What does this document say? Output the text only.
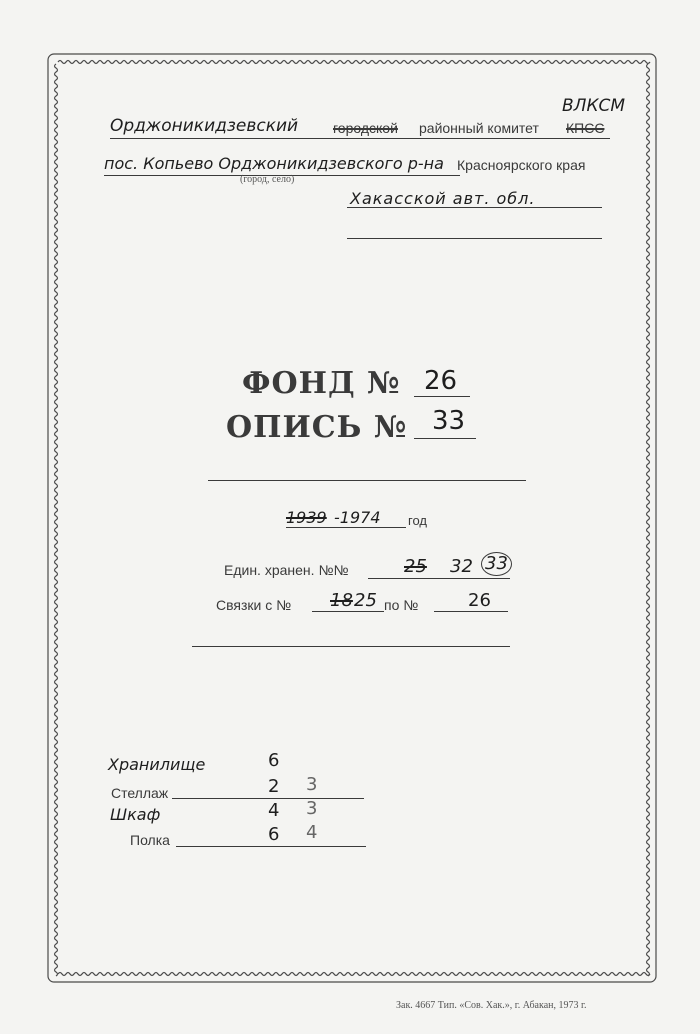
Орджоникидзевский городской районный комитет КПСС
ВЛКСМ
пос. Копьево Орджоникидзевского р-на Красноярского края
(город, село)
Хакасской авт. обл.
ФОНД № 26
ОПИСЬ № 33
1939 -1974 год
Един. хранен. №№	25 32 33
Связки с № 18 25 по №	26
Хранилище	6
Стеллаж	2 3
Шкаф	4 3
Полка	6 4
Зак. 4667 Тип. «Сов. Хак.», г. Абакан, 1973 г.
